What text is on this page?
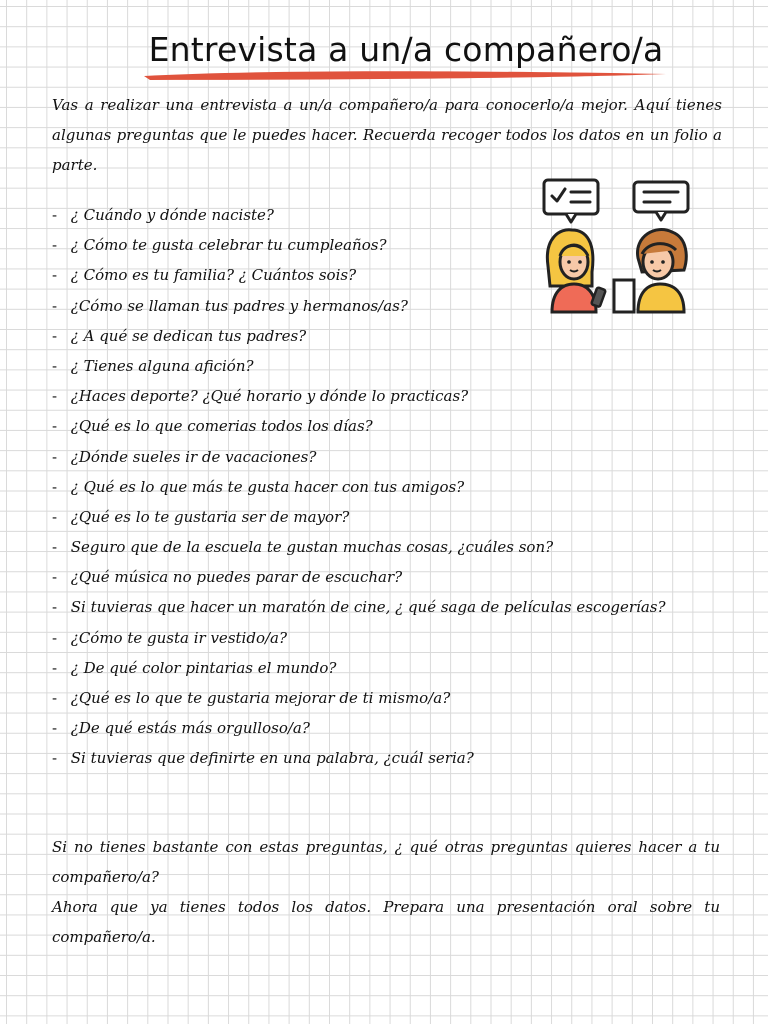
Entrevista a un/a compañero/a

Vas a realizar una entrevista a un/a compañero/a para conocerlo/a mejor. Aquí tienes algunas preguntas que le puedes hacer. Recuerda recoger todos los datos en un folio a parte.

- ¿ Cuándo y dónde naciste?
- ¿ Cómo te gusta celebrar tu cumpleaños?
- ¿ Cómo es tu familia? ¿ Cuántos sois?
- ¿Cómo se llaman tus padres y hermanos/as?
- ¿ A qué se dedican tus padres?
- ¿ Tienes alguna afición?
- ¿Haces deporte? ¿Qué horario y dónde lo practicas?
- ¿Qué es lo que comerias todos los días?
- ¿Dónde sueles ir de vacaciones?
- ¿ Qué es lo que más te gusta hacer con tus amigos?
- ¿Qué es lo te gustaria ser de mayor?
- Seguro que de la escuela te gustan muchas cosas, ¿cuáles son?
- ¿Qué música no puedes parar de escuchar?
- Si tuvieras que hacer un maratón de cine, ¿ qué saga de películas escogerías?
- ¿Cómo te gusta ir vestido/a?
- ¿ De qué color pintarias el mundo?
- ¿Qué es lo que te gustaria mejorar de ti mismo/a?
- ¿De qué estás más orgulloso/a?
- Si tuvieras que definirte en una palabra, ¿cuál seria?

Si no tienes bastante con estas preguntas, ¿ qué otras preguntas quieres hacer a tu compañero/a?
Ahora que ya tienes todos los datos. Prepara una presentación oral sobre tu compañero/a.
